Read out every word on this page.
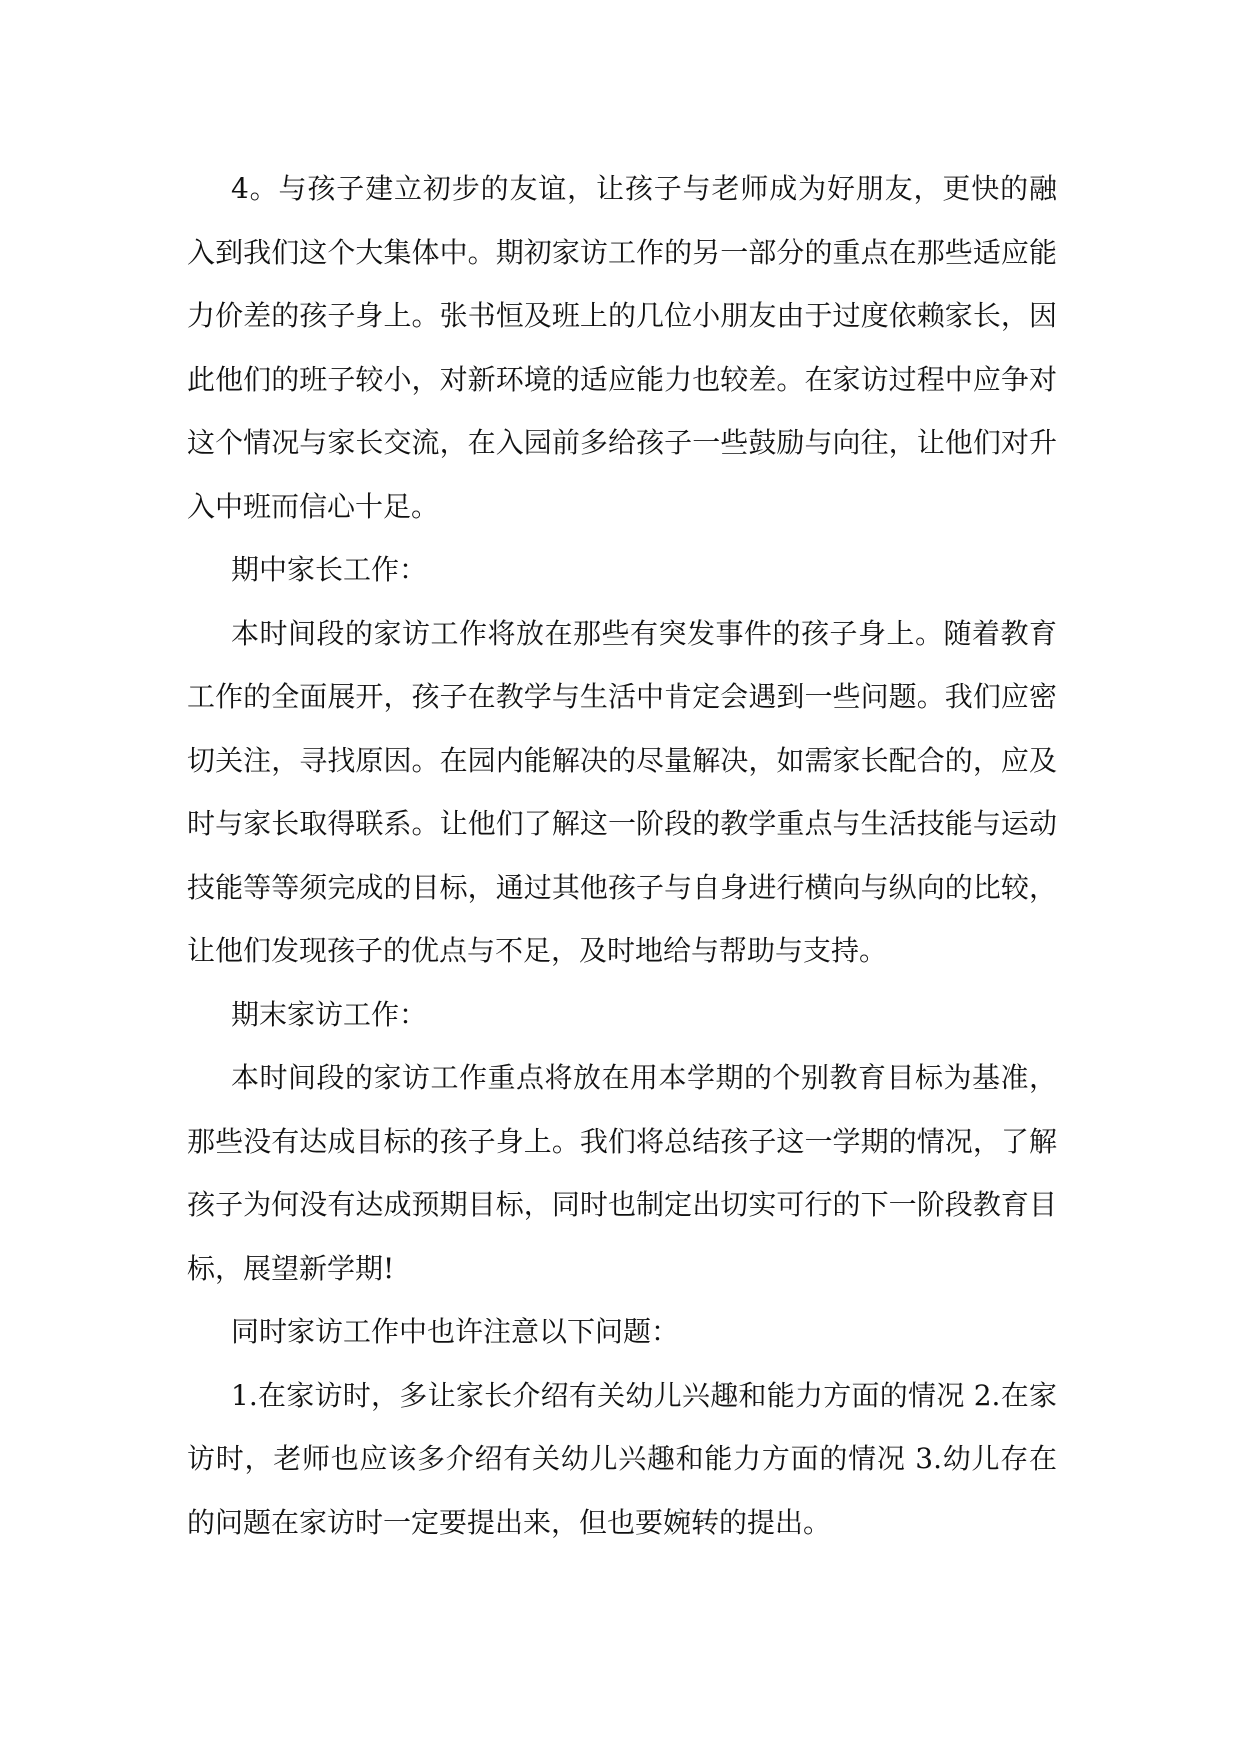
4。与孩子建立初步的友谊，让孩子与老师成为好朋友，更快的融入到我们这个大集体中。期初家访工作的另一部分的重点在那些适应能力价差的孩子身上。张书恒及班上的几位小朋友由于过度依赖家长，因此他们的班子较小，对新环境的适应能力也较差。在家访过程中应争对这个情况与家长交流，在入园前多给孩子一些鼓励与向往，让他们对升入中班而信心十足。

期中家长工作：

本时间段的家访工作将放在那些有突发事件的孩子身上。随着教育工作的全面展开，孩子在教学与生活中肯定会遇到一些问题。我们应密切关注，寻找原因。在园内能解决的尽量解决，如需家长配合的，应及时与家长取得联系。让他们了解这一阶段的教学重点与生活技能与运动技能等等须完成的目标，通过其他孩子与自身进行横向与纵向的比较，让他们发现孩子的优点与不足，及时地给与帮助与支持。

期末家访工作：

本时间段的家访工作重点将放在用本学期的个别教育目标为基准，那些没有达成目标的孩子身上。我们将总结孩子这一学期的情况，了解孩子为何没有达成预期目标，同时也制定出切实可行的下一阶段教育目标，展望新学期!

同时家访工作中也许注意以下问题：

1.在家访时，多让家长介绍有关幼儿兴趣和能力方面的情况 2.在家访时，老师也应该多介绍有关幼儿兴趣和能力方面的情况 3.幼儿存在的问题在家访时一定要提出来，但也要婉转的提出。
